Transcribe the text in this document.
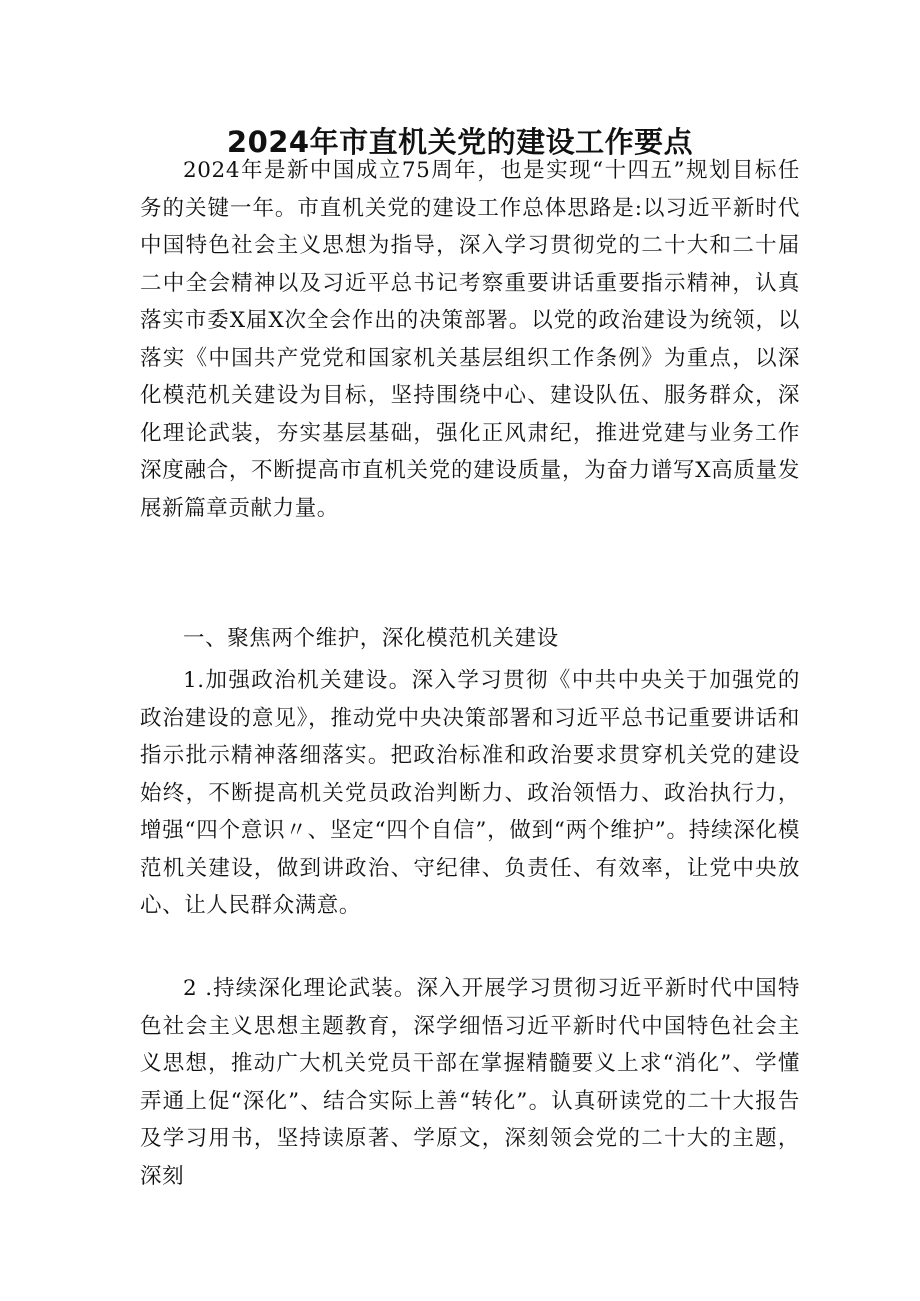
2024年市直机关党的建设工作要点

2024年是新中国成立75周年，也是实现“十四五”规划目标任务的关键一年。市直机关党的建设工作总体思路是:以习近平新时代中国特色社会主义思想为指导，深入学习贯彻党的二十大和二十届二中全会精神以及习近平总书记考察重要讲话重要指示精神，认真落实市委X届X次全会作出的决策部署。以党的政治建设为统领，以落实《中国共产党党和国家机关基层组织工作条例》为重点，以深化模范机关建设为目标，坚持围绕中心、建设队伍、服务群众，深化理论武装，夯实基层基础，强化正风肃纪，推进党建与业务工作深度融合，不断提高市直机关党的建设质量，为奋力谱写X高质量发展新篇章贡献力量。

一、聚焦两个维护，深化模范机关建设

1.加强政治机关建设。深入学习贯彻《中共中央关于加强党的政治建设的意见》，推动党中央决策部署和习近平总书记重要讲话和指示批示精神落细落实。把政治标准和政治要求贯穿机关党的建设始终，不断提高机关党员政治判断力、政治领悟力、政治执行力，增强“四个意识〃、坚定“四个自信”，做到“两个维护”。持续深化模范机关建设，做到讲政治、守纪律、负责任、有效率，让党中央放心、让人民群众满意。

2 .持续深化理论武装。深入开展学习贯彻习近平新时代中国特色社会主义思想主题教育，深学细悟习近平新时代中国特色社会主义思想，推动广大机关党员干部在掌握精髓要义上求“消化”、学懂弄通上促“深化”、结合实际上善“转化”。认真研读党的二十大报告及学习用书，坚持读原著、学原文，深刻领会党的二十大的主题，深刻
